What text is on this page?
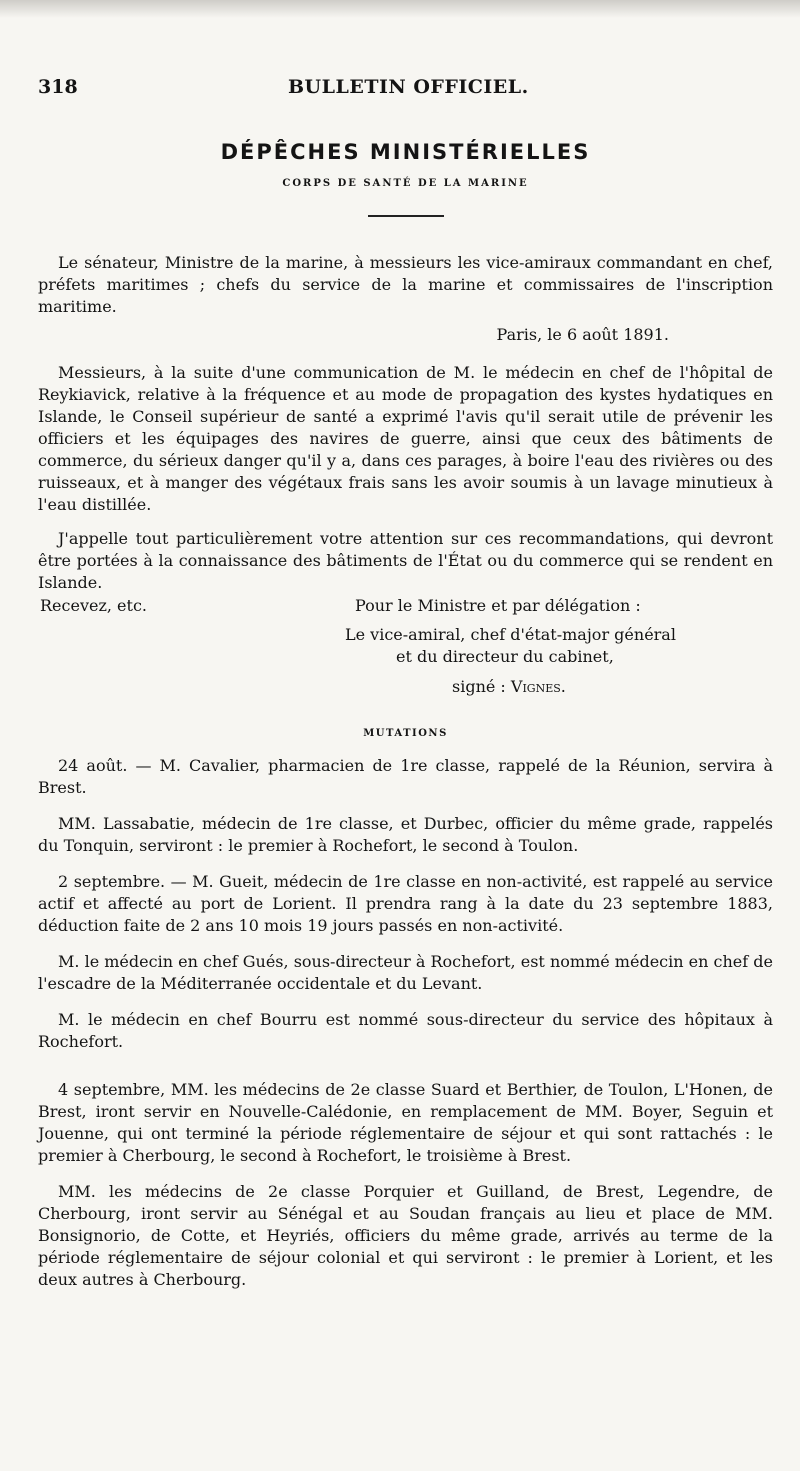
318	BULLETIN OFFICIEL.
DÉPÊCHES MINISTÉRIELLES
CORPS DE SANTÉ DE LA MARINE

Le sénateur, Ministre de la marine, à messieurs les vice-amiraux commandant en chef, préfets maritimes ; chefs du service de la marine et commissaires de l'inscription maritime.

Paris, le 6 août 1891.

Messieurs, à la suite d'une communication de M. le médecin en chef de l'hôpital de Reykiavick, relative à la fréquence et au mode de propagation des kystes hydatiques en Islande, le Conseil supérieur de santé a exprimé l'avis qu'il serait utile de prévenir les officiers et les équipages des navires de guerre, ainsi que ceux des bâtiments de commerce, du sérieux danger qu'il y a, dans ces parages, à boire l'eau des rivières ou des ruisseaux, et à manger des végétaux frais sans les avoir soumis à un lavage minutieux à l'eau distillée.

J'appelle tout particulièrement votre attention sur ces recommandations, qui devront être portées à la connaissance des bâtiments de l'État ou du commerce qui se rendent en Islande.

Recevez, etc.	Pour le Ministre et par délégation :
Le vice-amiral, chef d'état-major général
et du directeur du cabinet,
signé : Vignes.
MUTATIONS

24 août. — M. Cavalier, pharmacien de 1re classe, rappelé de la Réunion, servira à Brest.

MM. Lassabatie, médecin de 1re classe, et Durbec, officier du même grade, rappelés du Tonquin, serviront : le premier à Rochefort, le second à Toulon.

2 septembre. — M. Gueit, médecin de 1re classe en non-activité, est rappelé au service actif et affecté au port de Lorient. Il prendra rang à la date du 23 septembre 1883, déduction faite de 2 ans 10 mois 19 jours passés en non-activité.

M. le médecin en chef Gués, sous-directeur à Rochefort, est nommé médecin en chef de l'escadre de la Méditerranée occidentale et du Levant.

M. le médecin en chef Bourru est nommé sous-directeur du service des hôpitaux à Rochefort.

4 septembre, MM. les médecins de 2e classe Suard et Berthier, de Toulon, L'Honen, de Brest, iront servir en Nouvelle-Calédonie, en remplacement de MM. Boyer, Seguin et Jouenne, qui ont terminé la période réglementaire de séjour et qui sont rattachés : le premier à Cherbourg, le second à Rochefort, le troisième à Brest.

MM. les médecins de 2e classe Porquier et Guilland, de Brest, Legendre, de Cherbourg, iront servir au Sénégal et au Soudan français au lieu et place de MM. Bonsignorio, de Cotte, et Heyriés, officiers du même grade, arrivés au terme de la période réglementaire de séjour colonial et qui serviront : le premier à Lorient, et les deux autres à Cherbourg.
